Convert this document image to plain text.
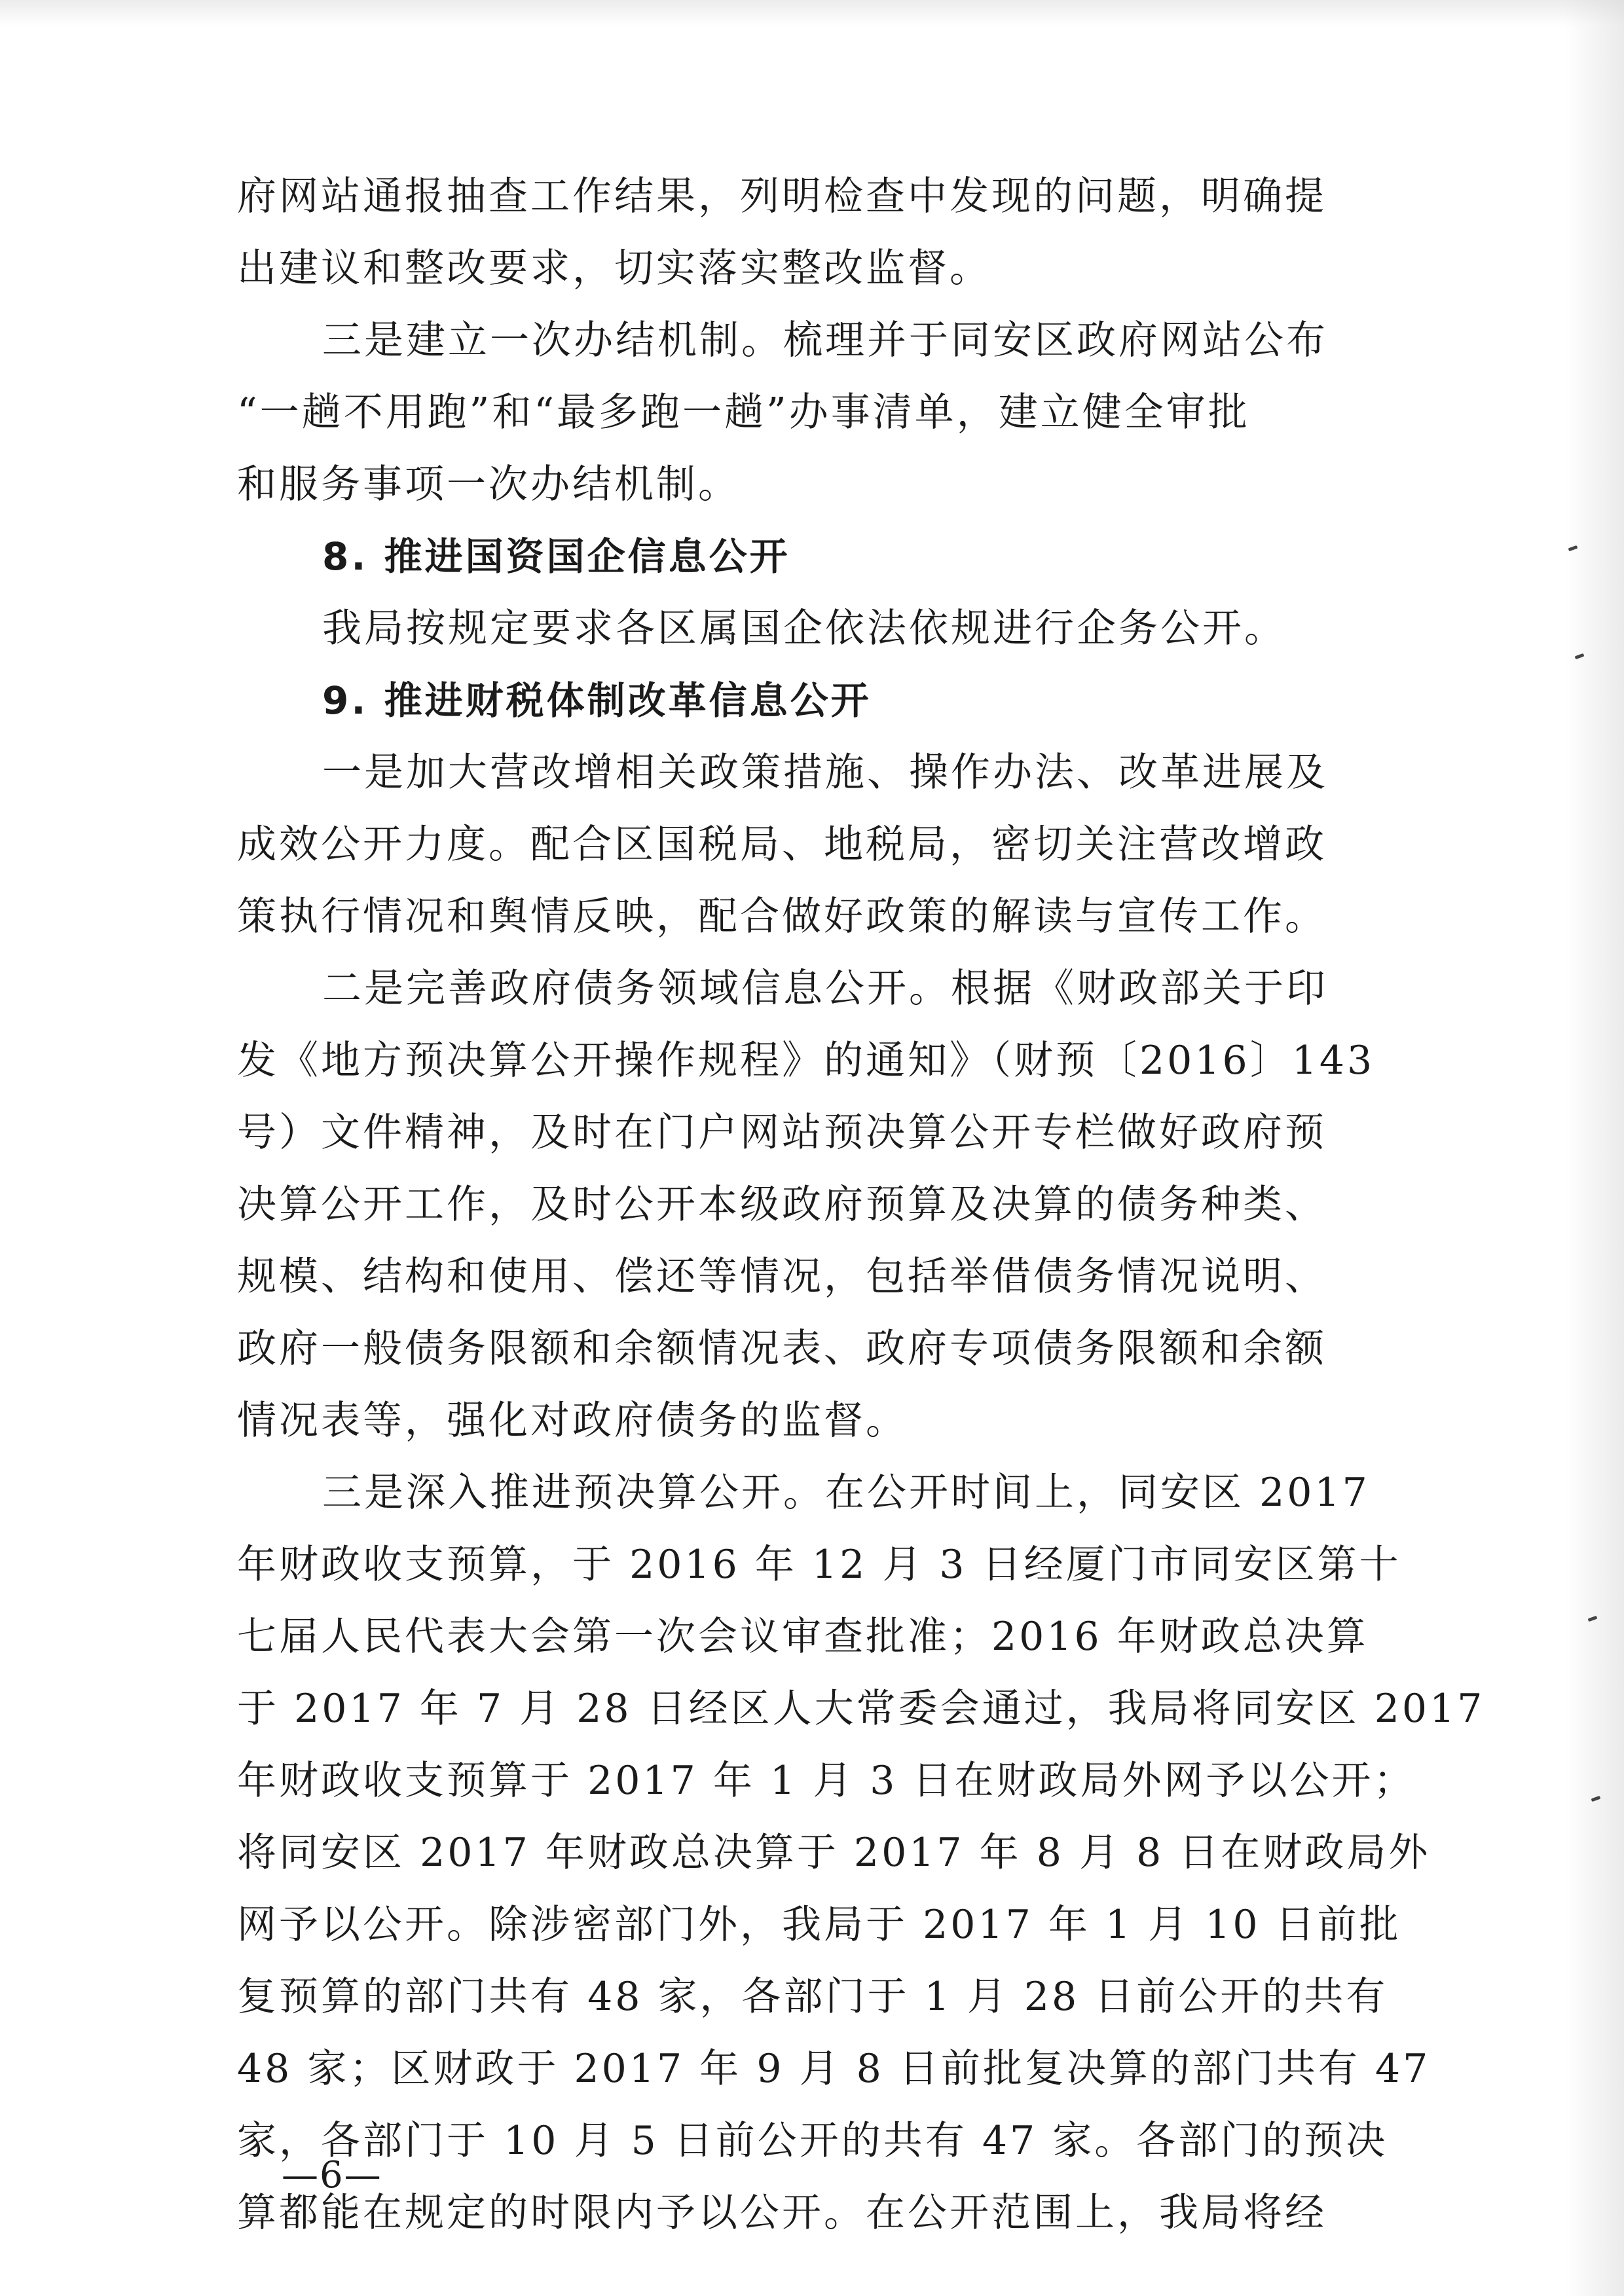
府网站通报抽查工作结果，列明检查中发现的问题，明确提
出建议和整改要求，切实落实整改监督。
三是建立一次办结机制。梳理并于同安区政府网站公布
“一趟不用跑”和“最多跑一趟”办事清单，建立健全审批
和服务事项一次办结机制。
8. 推进国资国企信息公开
我局按规定要求各区属国企依法依规进行企务公开。
9. 推进财税体制改革信息公开
一是加大营改增相关政策措施、操作办法、改革进展及
成效公开力度。配合区国税局、地税局，密切关注营改增政
策执行情况和舆情反映，配合做好政策的解读与宣传工作。
二是完善政府债务领域信息公开。根据《财政部关于印
发《地方预决算公开操作规程》的通知》（财预〔2016〕143
号）文件精神，及时在门户网站预决算公开专栏做好政府预
决算公开工作，及时公开本级政府预算及决算的债务种类、
规模、结构和使用、偿还等情况，包括举借债务情况说明、
政府一般债务限额和余额情况表、政府专项债务限额和余额
情况表等，强化对政府债务的监督。
三是深入推进预决算公开。在公开时间上，同安区 2017
年财政收支预算，于 2016 年 12 月 3 日经厦门市同安区第十
七届人民代表大会第一次会议审查批准；2016 年财政总决算
于 2017 年 7 月 28 日经区人大常委会通过，我局将同安区 2017
年财政收支预算于 2017 年 1 月 3 日在财政局外网予以公开；
将同安区 2017 年财政总决算于 2017 年 8 月 8 日在财政局外
网予以公开。除涉密部门外，我局于 2017 年 1 月 10 日前批
复预算的部门共有 48 家，各部门于 1 月 28 日前公开的共有
48 家；区财政于 2017 年 9 月 8 日前批复决算的部门共有 47
家，各部门于 10 月 5 日前公开的共有 47 家。各部门的预决
算都能在规定的时限内予以公开。在公开范围上，我局将经
—6—
